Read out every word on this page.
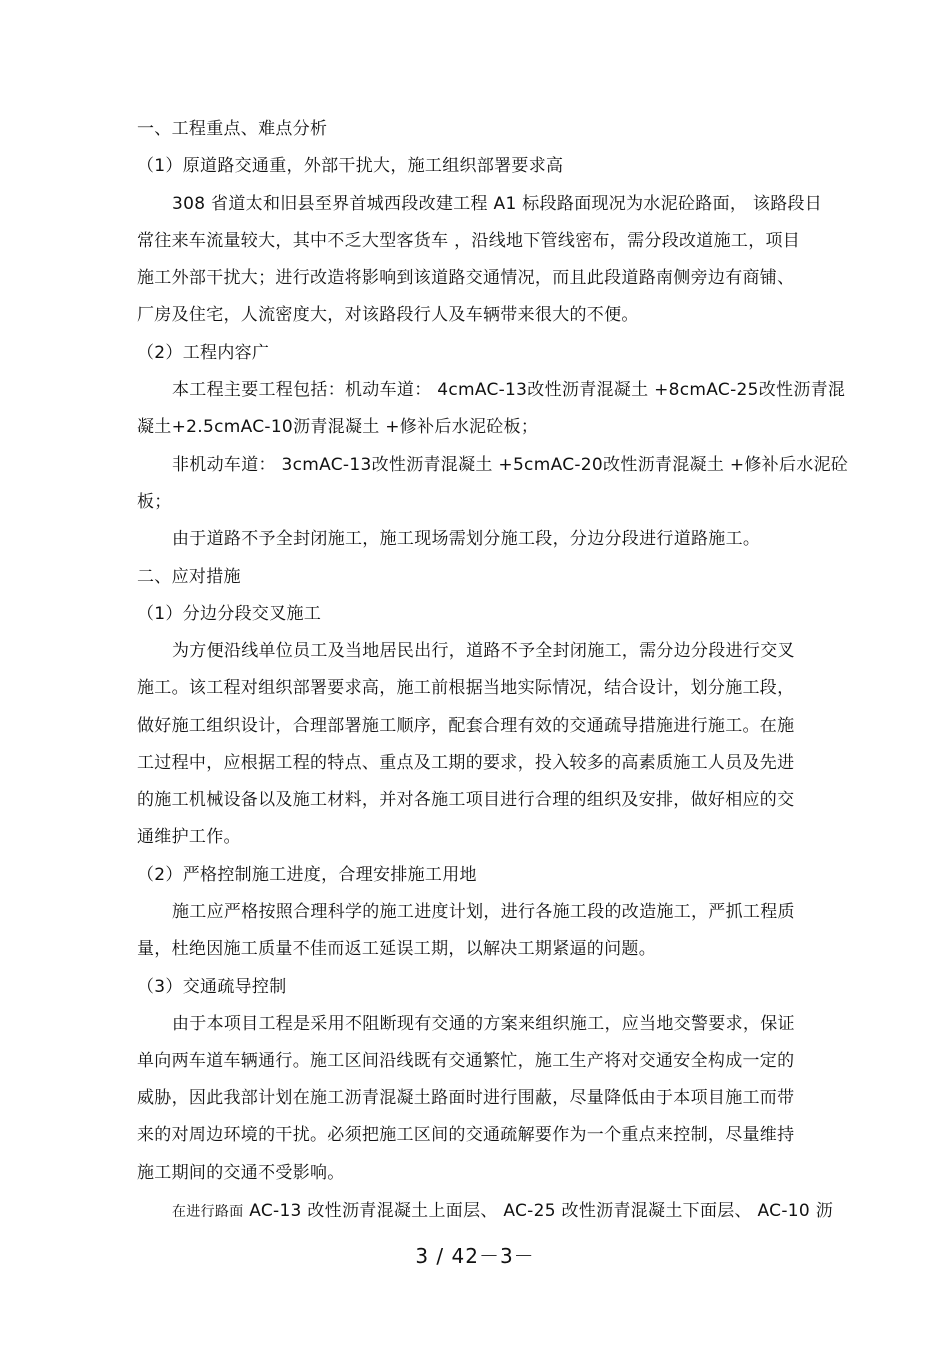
一、工程重点、难点分析

（1）原道路交通重，外部干扰大，施工组织部署要求高

308 省道太和旧县至界首城西段改建工程 A1 标段路面现况为水泥砼路面， 该路段日

常往来车流量较大，其中不乏大型客货车 ，沿线地下管线密布，需分段改道施工，项目

施工外部干扰大；进行改造将影响到该道路交通情况，而且此段道路南侧旁边有商铺、

厂房及住宅，人流密度大，对该路段行人及车辆带来很大的不便。

（2）工程内容广

本工程主要工程包括：机动车道： 4cmAC-13改性沥青混凝土 +8cmAC-25改性沥青混

凝土+2.5cmAC-10沥青混凝土 +修补后水泥砼板；

非机动车道： 3cmAC-13改性沥青混凝土 +5cmAC-20改性沥青混凝土 +修补后水泥砼

板；

由于道路不予全封闭施工，施工现场需划分施工段，分边分段进行道路施工。

二、应对措施

（1）分边分段交叉施工

为方便沿线单位员工及当地居民出行，道路不予全封闭施工，需分边分段进行交叉

施工。该工程对组织部署要求高，施工前根据当地实际情况，结合设计，划分施工段，

做好施工组织设计，合理部署施工顺序，配套合理有效的交通疏导措施进行施工。在施

工过程中，应根据工程的特点、重点及工期的要求，投入较多的高素质施工人员及先进

的施工机械设备以及施工材料，并对各施工项目进行合理的组织及安排，做好相应的交

通维护工作。

（2）严格控制施工进度，合理安排施工用地

施工应严格按照合理科学的施工进度计划，进行各施工段的改造施工，严抓工程质

量，杜绝因施工质量不佳而返工延误工期，以解决工期紧逼的问题。

（3）交通疏导控制

由于本项目工程是采用不阻断现有交通的方案来组织施工，应当地交警要求，保证

单向两车道车辆通行。施工区间沿线既有交通繁忙，施工生产将对交通安全构成一定的

威胁，因此我部计划在施工沥青混凝土路面时进行围蔽，尽量降低由于本项目施工而带

来的对周边环境的干扰。必须把施工区间的交通疏解要作为一个重点来控制，尽量维持

施工期间的交通不受影响。

在进行路面 AC-13 改性沥青混凝土上面层、 AC-25 改性沥青混凝土下面层、 AC-10 沥

3 / 42－3－
